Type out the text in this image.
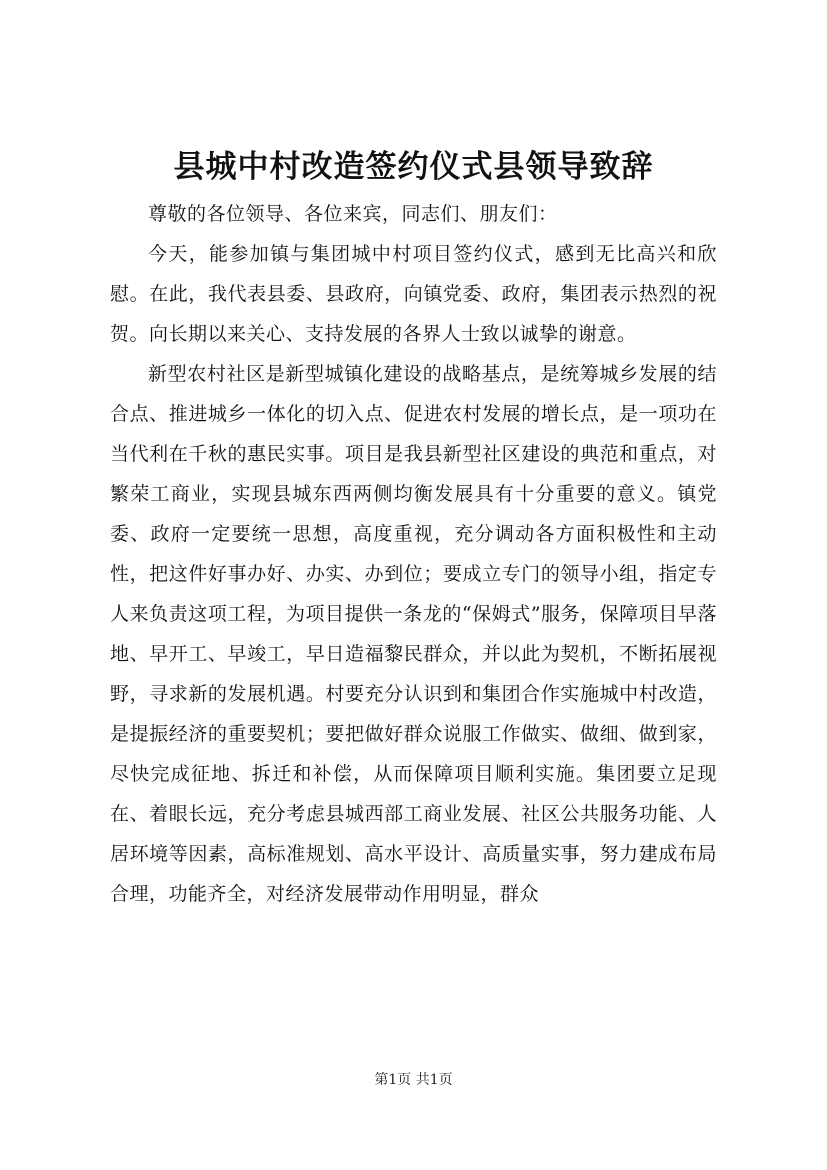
县城中村改造签约仪式县领导致辞

尊敬的各位领导、各位来宾，同志们、朋友们：

今天，能参加镇与集团城中村项目签约仪式，感到无比高兴和欣慰。在此，我代表县委、县政府，向镇党委、政府，集团表示热烈的祝贺。向长期以来关心、支持发展的各界人士致以诚挚的谢意。

新型农村社区是新型城镇化建设的战略基点，是统筹城乡发展的结合点、推进城乡一体化的切入点、促进农村发展的增长点，是一项功在当代利在千秋的惠民实事。项目是我县新型社区建设的典范和重点，对繁荣工商业，实现县城东西两侧均衡发展具有十分重要的意义。镇党委、政府一定要统一思想，高度重视，充分调动各方面积极性和主动性，把这件好事办好、办实、办到位；要成立专门的领导小组，指定专人来负责这项工程，为项目提供一条龙的“保姆式”服务，保障项目早落地、早开工、早竣工，早日造福黎民群众，并以此为契机，不断拓展视野，寻求新的发展机遇。村要充分认识到和集团合作实施城中村改造，是提振经济的重要契机；要把做好群众说服工作做实、做细、做到家，尽快完成征地、拆迁和补偿，从而保障项目顺利实施。集团要立足现在、着眼长远，充分考虑县城西部工商业发展、社区公共服务功能、人居环境等因素，高标准规划、高水平设计、高质量实事，努力建成布局合理，功能齐全，对经济发展带动作用明显，群众

第1页 共1页
